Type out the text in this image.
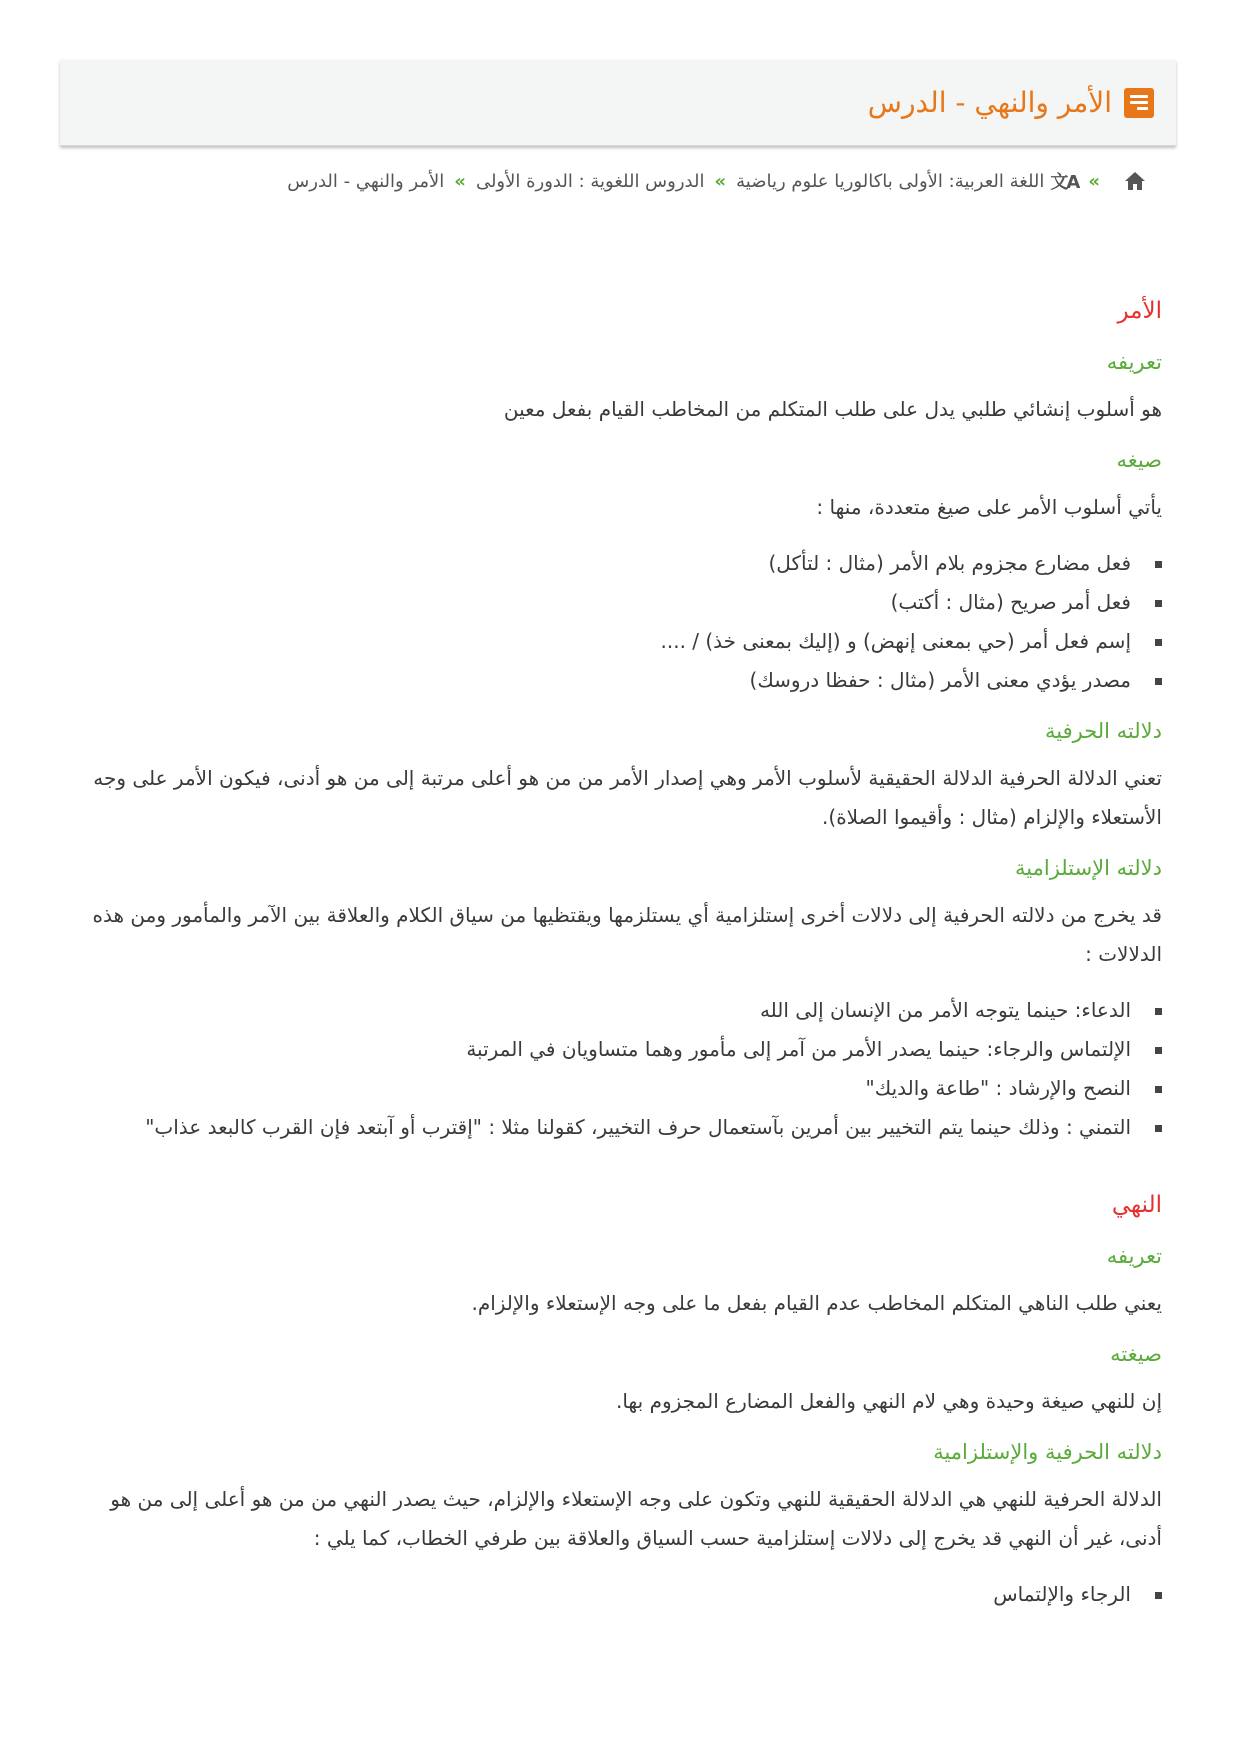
الأمر والنهي - الدرس
»
文A
اللغة العربية: الأولى باكالوريا علوم رياضية
»
الدروس اللغوية : الدورة الأولى
»
الأمر والنهي - الدرس
الأمر
تعريفه

هو أسلوب إنشائي طلبي يدل على طلب المتكلم من المخاطب القيام بفعل معين

صيغه

يأتي أسلوب الأمر على صيغ متعددة، منها :

فعل مضارع مجزوم بلام الأمر (مثال : لتأكل)
فعل أمر صريح (مثال : أكتب)
إسم فعل أمر (حي بمعنى إنهض) و (إليك بمعنى خذ) / ....
مصدر يؤدي معنى الأمر (مثال : حفظا دروسك)
دلالته الحرفية

تعني الدلالة الحرفية الدلالة الحقيقية لأسلوب الأمر وهي إصدار الأمر من من هو أعلى مرتبة إلى من هو أدنى، فيكون الأمر على وجه الأستعلاء والإلزام (مثال : وأقيموا الصلاة).

دلالته الإستلزامية

قد يخرج من دلالته الحرفية إلى دلالات أخرى إستلزامية أي يستلزمها ويقتظيها من سياق الكلام والعلاقة بين الآمر والمأمور ومن هذه الدلالات :

الدعاء: حينما يتوجه الأمر من الإنسان إلى الله
الإلتماس والرجاء: حينما يصدر الأمر من آمر إلى مأمور وهما متساويان في المرتبة
النصح والإرشاد : "طاعة والديك"
التمني : وذلك حينما يتم التخيير بين أمرين بآستعمال حرف التخيير، كقولنا مثلا : "إقترب أو آبتعد فإن القرب كالبعد عذاب"
النهي
تعريفه

يعني طلب الناهي المتكلم المخاطب عدم القيام بفعل ما على وجه الإستعلاء والإلزام.

صيغته

إن للنهي صيغة وحيدة وهي لام النهي والفعل المضارع المجزوم بها.

دلالته الحرفية والإستلزامية

الدلالة الحرفية للنهي هي الدلالة الحقيقية للنهي وتكون على وجه الإستعلاء والإلزام، حيث يصدر النهي من من هو أعلى إلى من هو أدنى، غير أن النهي قد يخرج إلى دلالات إستلزامية حسب السياق والعلاقة بين طرفي الخطاب، كما يلي :

الرجاء والإلتماس
